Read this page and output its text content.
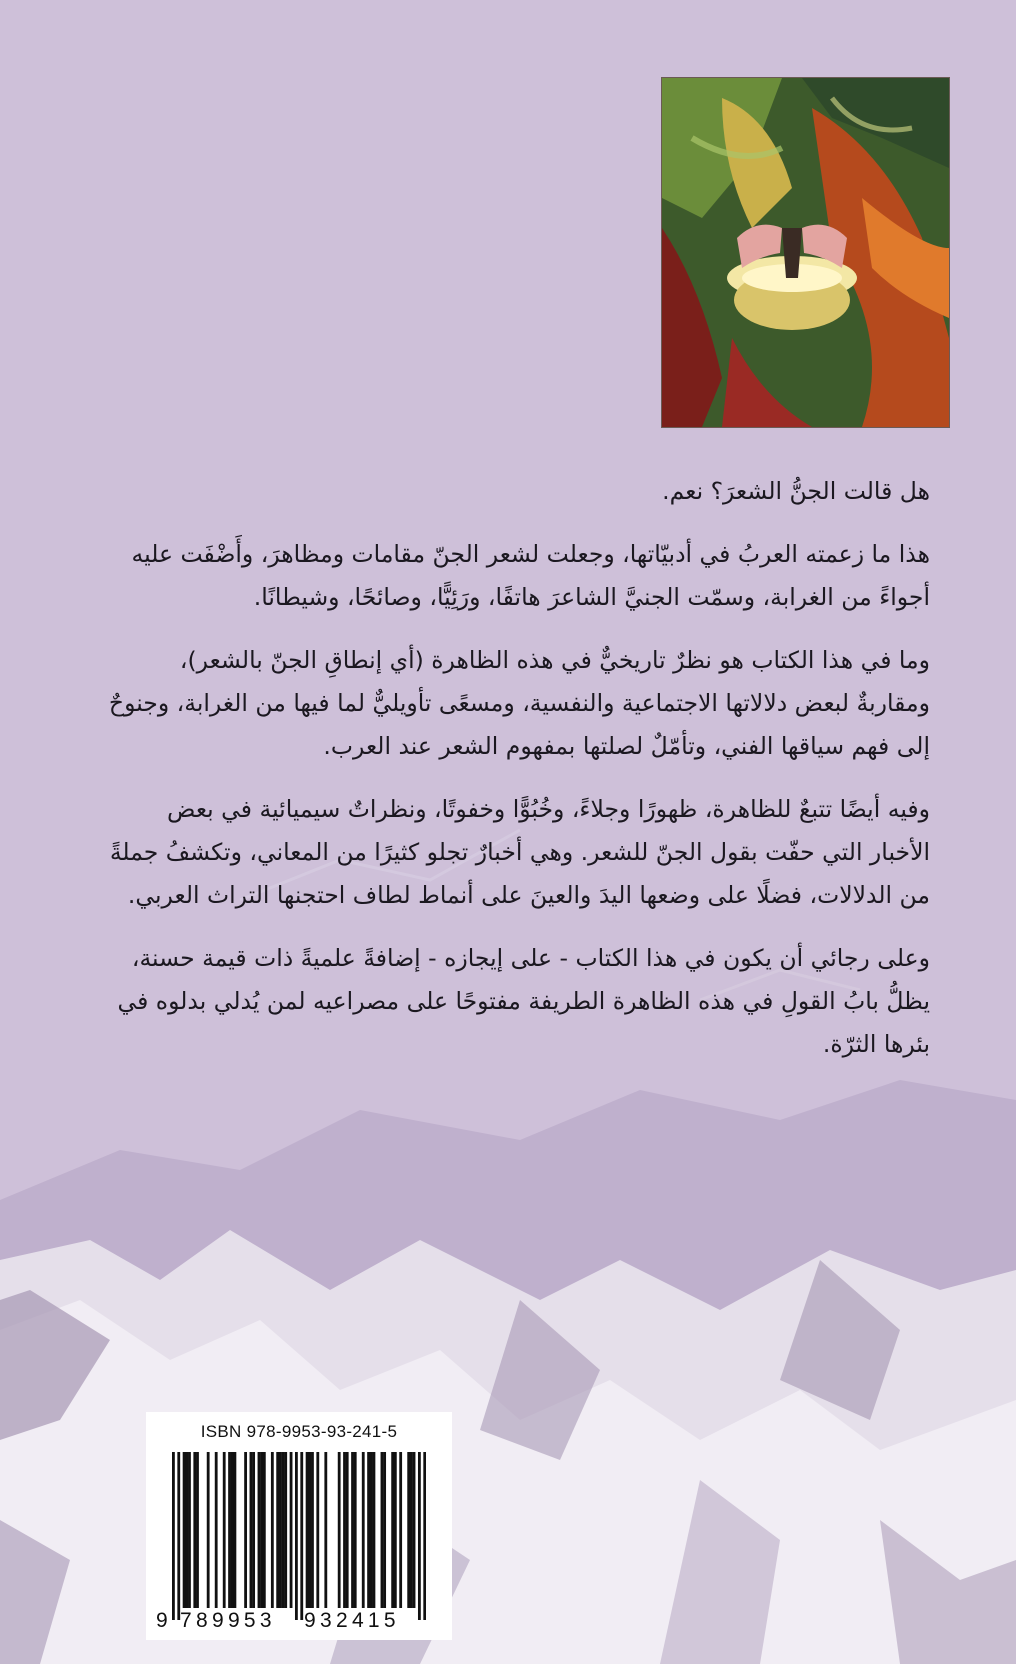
هل قالت الجنُّ الشعرَ؟ نعم.

هذا ما زعمته العربُ في أدبيّاتها، وجعلت لشعر الجنّ مقامات ومظاهرَ، وأَضْفَت عليه أجواءً من الغرابة، وسمّت الجنيَّ الشاعرَ هاتفًا، ورَئِيًّا، وصائحًا، وشيطانًا.

وما في هذا الكتاب هو نظرٌ تاريخيٌّ في هذه الظاهرة (أي إنطاقِ الجنّ بالشعر)، ومقاربةٌ لبعض دلالاتها الاجتماعية والنفسية، ومسعًى تأويليٌّ لما فيها من الغرابة، وجنوحٌ إلى فهم سياقها الفني، وتأمّلٌ لصلتها بمفهوم الشعر عند العرب.

وفيه أيضًا تتبعٌ للظاهرة، ظهورًا وجلاءً، وخُبُوًّا وخفوتًا، ونظراتٌ سيميائية في بعض الأخبار التي حفّت بقول الجنّ للشعر. وهي أخبارٌ تجلو كثيرًا من المعاني، وتكشفُ جملةً من الدلالات، فضلًا على وضعها اليدَ والعينَ على أنماط لطاف احتجنها التراث العربي.

وعلى رجائي أن يكون في هذا الكتاب - على إيجازه - إضافةً علميةً ذات قيمة حسنة، يظلُّ بابُ القولِ في هذه الظاهرة الطريفة مفتوحًا على مصراعيه لمن يُدلي بدلوه في بئرها الثرّة.

ISBN 978-9953-93-241-5
9 789953 932415
